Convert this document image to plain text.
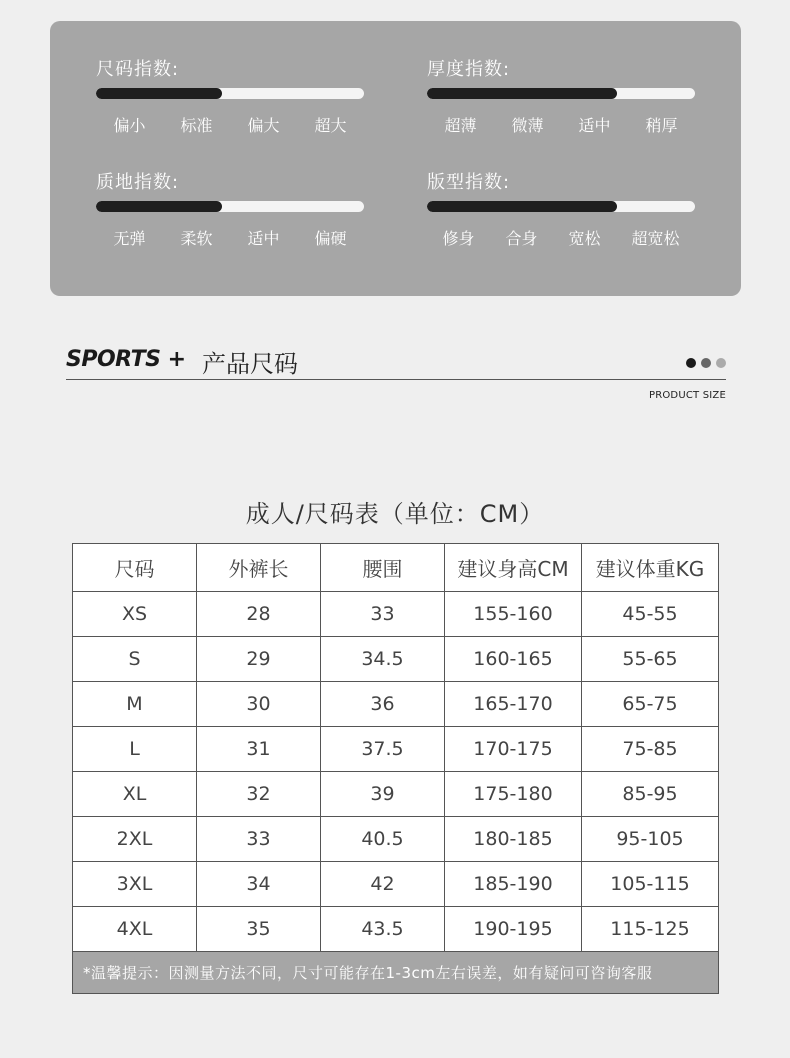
尺码指数:
偏小 标准 偏大 超大
厚度指数:
超薄 微薄 适中 稍厚
质地指数:
无弹 柔软 适中 偏硬
版型指数:
修身 合身 宽松 超宽松
SPORTS + 产品尺码
PRODUCT SIZE
成人/尺码表（单位：CM）
尺码	外裤长	腰围	建议身高CM	建议体重KG
XS	28	33	155-160	45-55
S	29	34.5	160-165	55-65
M	30	36	165-170	65-75
L	31	37.5	170-175	75-85
XL	32	39	175-180	85-95
2XL	33	40.5	180-185	95-105
3XL	34	42	185-190	105-115
4XL	35	43.5	190-195	115-125
*温馨提示：因测量方法不同，尺寸可能存在1-3cm左右误差，如有疑问可咨询客服				
